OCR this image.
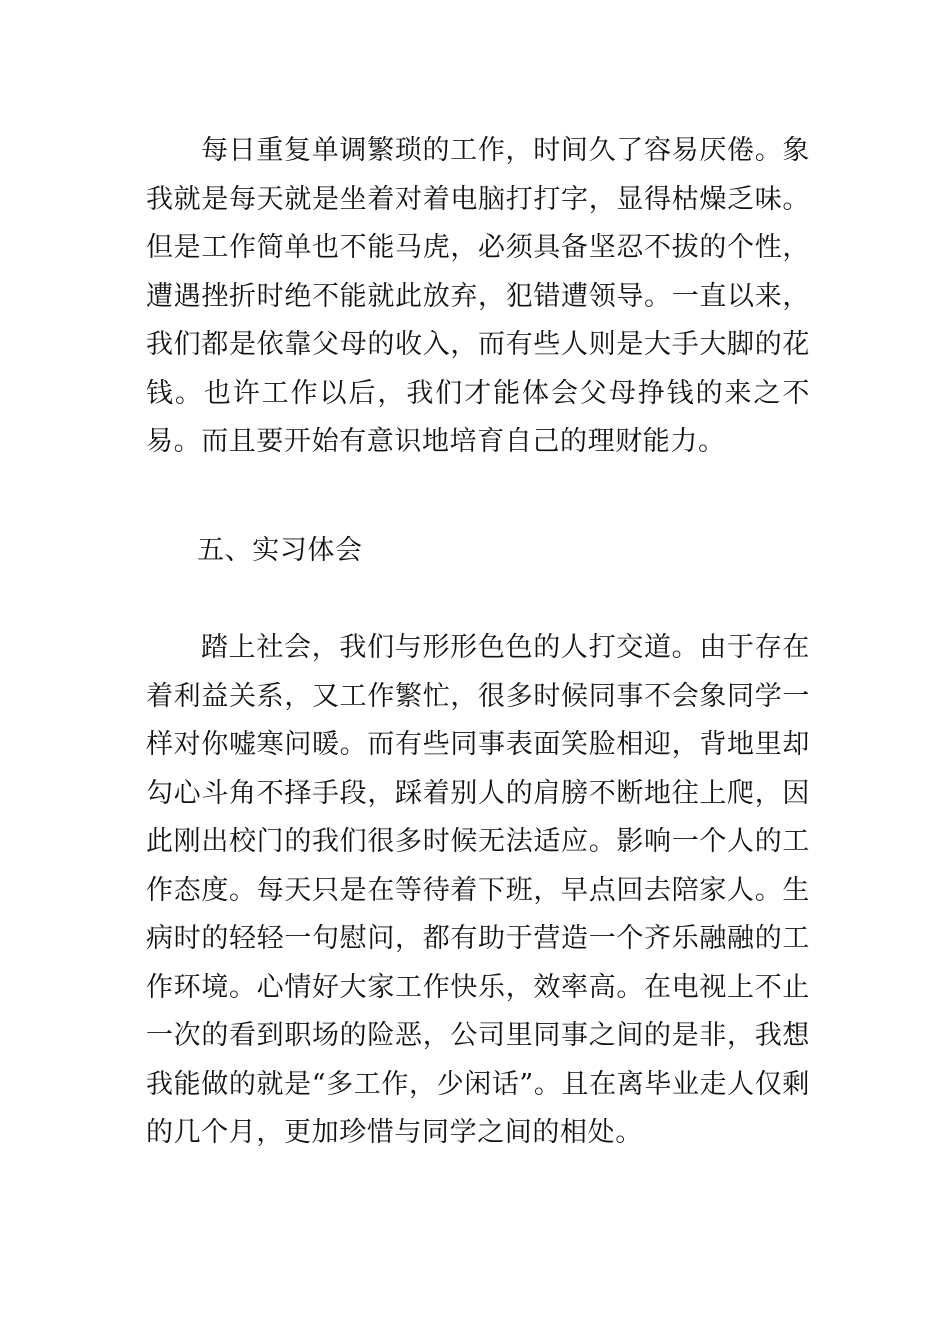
每日重复单调繁琐的工作，时间久了容易厌倦。象我就是每天就是坐着对着电脑打打字，显得枯燥乏味。但是工作简单也不能马虎，必须具备坚忍不拔的个性，遭遇挫折时绝不能就此放弃，犯错遭领导。一直以来，我们都是依靠父母的收入，而有些人则是大手大脚的花钱。也许工作以后，我们才能体会父母挣钱的来之不易。而且要开始有意识地培育自己的理财能力。

五、实习体会

踏上社会，我们与形形色色的人打交道。由于存在着利益关系，又工作繁忙，很多时候同事不会象同学一样对你嘘寒问暖。而有些同事表面笑脸相迎，背地里却勾心斗角不择手段，踩着别人的肩膀不断地往上爬，因此刚出校门的我们很多时候无法适应。影响一个人的工作态度。每天只是在等待着下班，早点回去陪家人。生病时的轻轻一句慰问，都有助于营造一个齐乐融融的工作环境。心情好大家工作快乐，效率高。在电视上不止一次的看到职场的险恶，公司里同事之间的是非，我想我能做的就是“多工作，少闲话”。且在离毕业走人仅剩的几个月，更加珍惜与同学之间的相处。
